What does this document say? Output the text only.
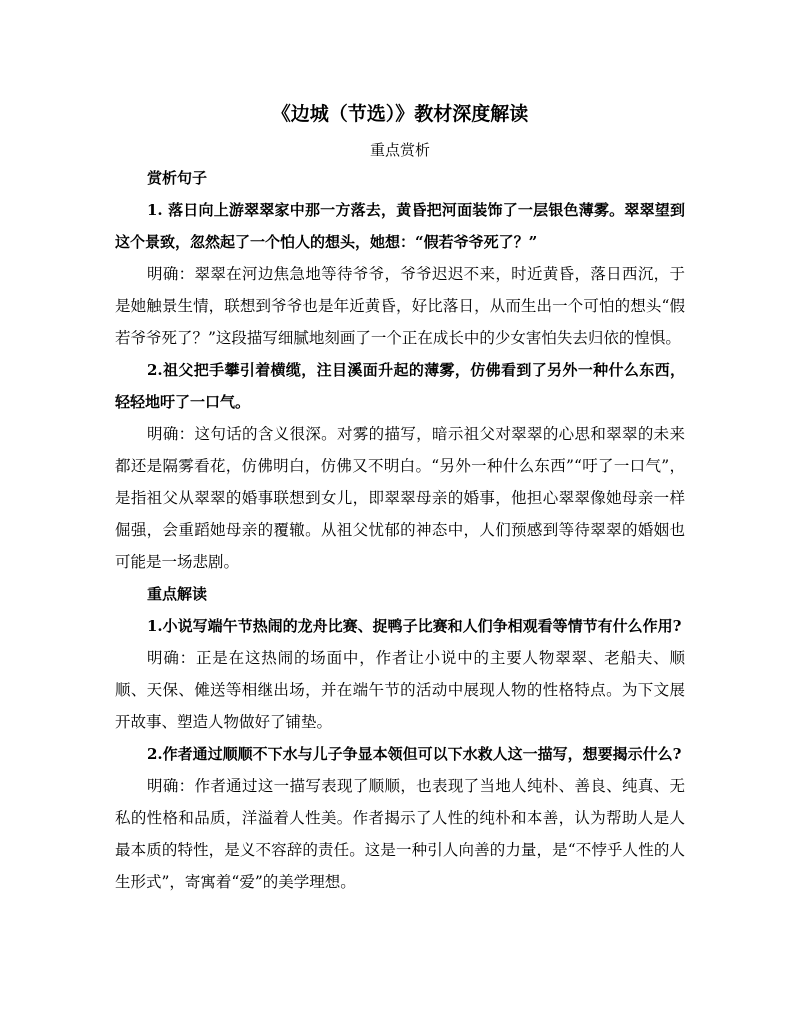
《边城（节选）》教材深度解读

重点赏析

赏析句子

1. 落日向上游翠翠家中那一方落去，黄昏把河面装饰了一层银色薄雾。翠翠望到这个景致，忽然起了一个怕人的想头，她想：“假若爷爷死了？”

明确：翠翠在河边焦急地等待爷爷，爷爷迟迟不来，时近黄昏，落日西沉，于是她触景生情，联想到爷爷也是年近黄昏，好比落日，从而生出一个可怕的想头“假若爷爷死了？”这段描写细腻地刻画了一个正在成长中的少女害怕失去归依的惶惧。

2.祖父把手攀引着横缆，注目溪面升起的薄雾，仿佛看到了另外一种什么东西，轻轻地吁了一口气。

明确：这句话的含义很深。对雾的描写，暗示祖父对翠翠的心思和翠翠的未来都还是隔雾看花，仿佛明白，仿佛又不明白。“另外一种什么东西”“吁了一口气”，是指祖父从翠翠的婚事联想到女儿，即翠翠母亲的婚事，他担心翠翠像她母亲一样倔强，会重蹈她母亲的覆辙。从祖父忧郁的神态中，人们预感到等待翠翠的婚姻也可能是一场悲剧。

重点解读

1.小说写端午节热闹的龙舟比赛、捉鸭子比赛和人们争相观看等情节有什么作用?

明确：正是在这热闹的场面中，作者让小说中的主要人物翠翠、老船夫、顺顺、天保、傩送等相继出场，并在端午节的活动中展现人物的性格特点。为下文展开故事、塑造人物做好了铺垫。

2.作者通过顺顺不下水与儿子争显本领但可以下水救人这一描写，想要揭示什么?

明确：作者通过这一描写表现了顺顺，也表现了当地人纯朴、善良、纯真、无私的性格和品质，洋溢着人性美。作者揭示了人性的纯朴和本善，认为帮助人是人最本质的特性，是义不容辞的责任。这是一种引人向善的力量，是“不悖乎人性的人生形式”，寄寓着“爱”的美学理想。
